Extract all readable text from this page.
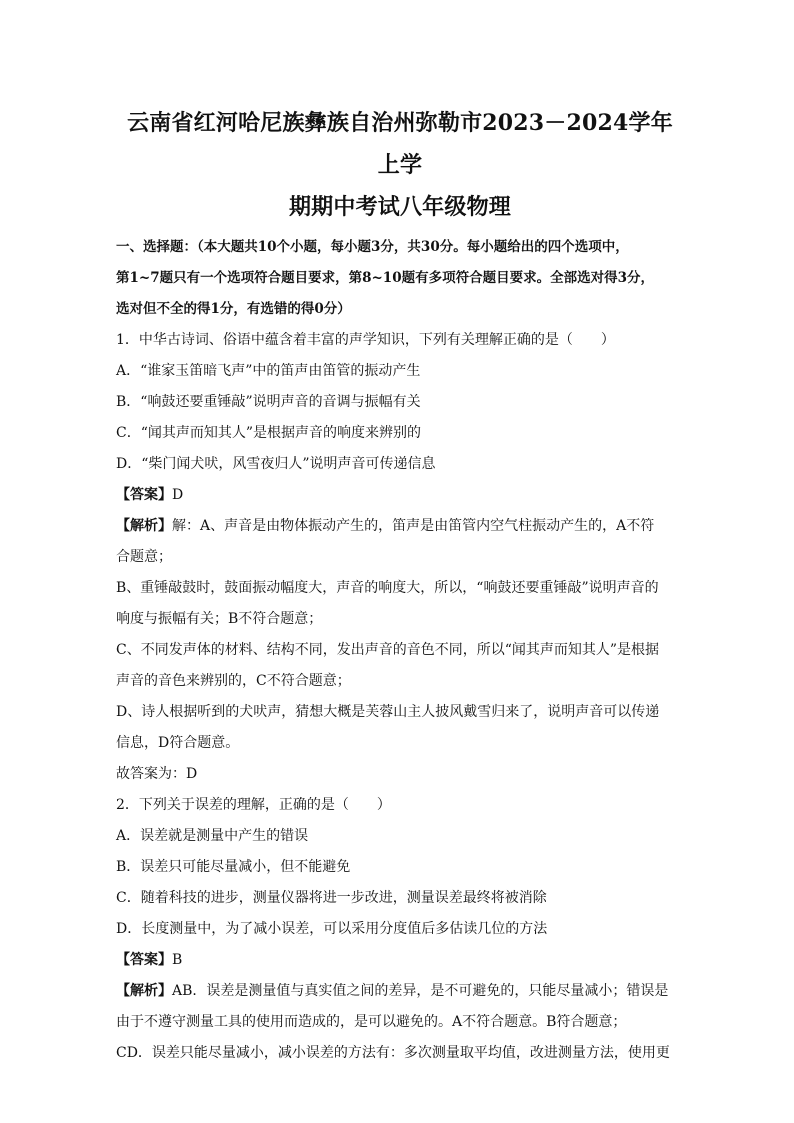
云南省红河哈尼族彝族自治州弥勒市2023－2024学年上学
期期中考试八年级物理
一、选择题：（本大题共10个小题，每小题3分，共30分。每小题给出的四个选项中，
第1~7题只有一个选项符合题目要求，第8~10题有多项符合题目要求。全部选对得3分，
选对但不全的得1分，有选错的得0分）
1．中华古诗词、俗语中蕴含着丰富的声学知识，下列有关理解正确的是（　　）
A．“谁家玉笛暗飞声”中的笛声由笛管的振动产生
B．“响鼓还要重锤敲”说明声音的音调与振幅有关
C．“闻其声而知其人”是根据声音的响度来辨别的
D．“柴门闻犬吠，风雪夜归人”说明声音可传递信息
【答案】D
【解析】解：A、声音是由物体振动产生的，笛声是由笛管内空气柱振动产生的，A不符
合题意；
B、重锤敲鼓时，鼓面振动幅度大，声音的响度大，所以，“响鼓还要重锤敲”说明声音的
响度与振幅有关；B不符合题意；
C、不同发声体的材料、结构不同，发出声音的音色不同，所以“闻其声而知其人”是根据
声音的音色来辨别的，C不符合题意；
D、诗人根据听到的犬吠声，猜想大概是芙蓉山主人披风戴雪归来了，说明声音可以传递
信息，D符合题意。
故答案为：D
2．下列关于误差的理解，正确的是（　　）
A．误差就是测量中产生的错误
B．误差只可能尽量减小，但不能避免
C．随着科技的进步，测量仪器将进一步改进，测量误差最终将被消除
D．长度测量中，为了减小误差，可以采用分度值后多估读几位的方法
【答案】B
【解析】AB．误差是测量值与真实值之间的差异，是不可避免的，只能尽量减小；错误是
由于不遵守测量工具的使用而造成的，是可以避免的。A不符合题意。B符合题意；
CD．误差只能尽量减小，减小误差的方法有：多次测量取平均值，改进测量方法，使用更
